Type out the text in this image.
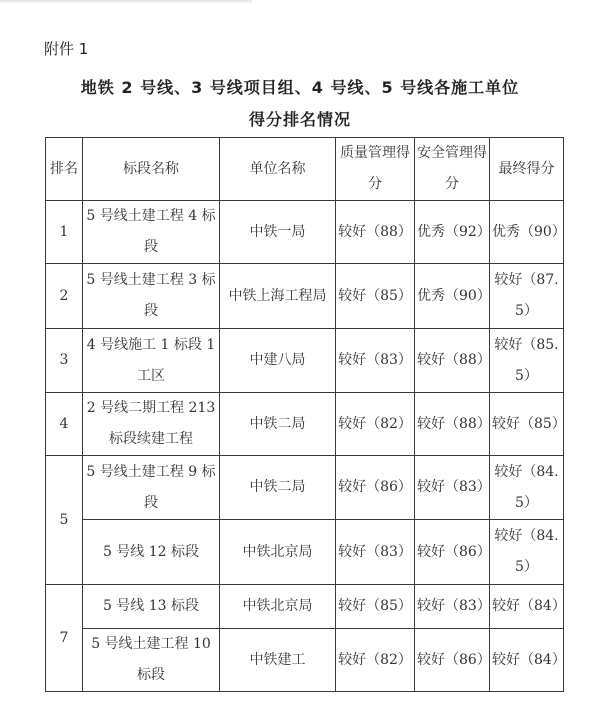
附件 1
地铁 2 号线、3 号线项目组、4 号线、5 号线各施工单位
得分排名情况
排名	标段名称	单位名称	质量管理得分	安全管理得分	最终得分
1	5 号线土建工程 4 标段	中铁一局	较好（88）	优秀（92）	优秀（90）
2	5 号线土建工程 3 标段	中铁上海工程局	较好（85）	优秀（90）	较好（87.5）
3	4 号线施工 1 标段 1 工区	中建八局	较好（83）	较好（88）	较好（85.5）
4	2 号线二期工程 213 标段续建工程	中铁二局	较好（82）	较好（88）	较好（85）
5	5 号线土建工程 9 标段	中铁二局	较好（86）	较好（83）	较好（84.5）
	5 号线 12 标段	中铁北京局	较好（83）	较好（86）	较好（84.5）
7	5 号线 13 标段	中铁北京局	较好（85）	较好（83）	较好（84）
	5 号线土建工程 10 标段	中铁建工	较好（82）	较好（86）	较好（84）
